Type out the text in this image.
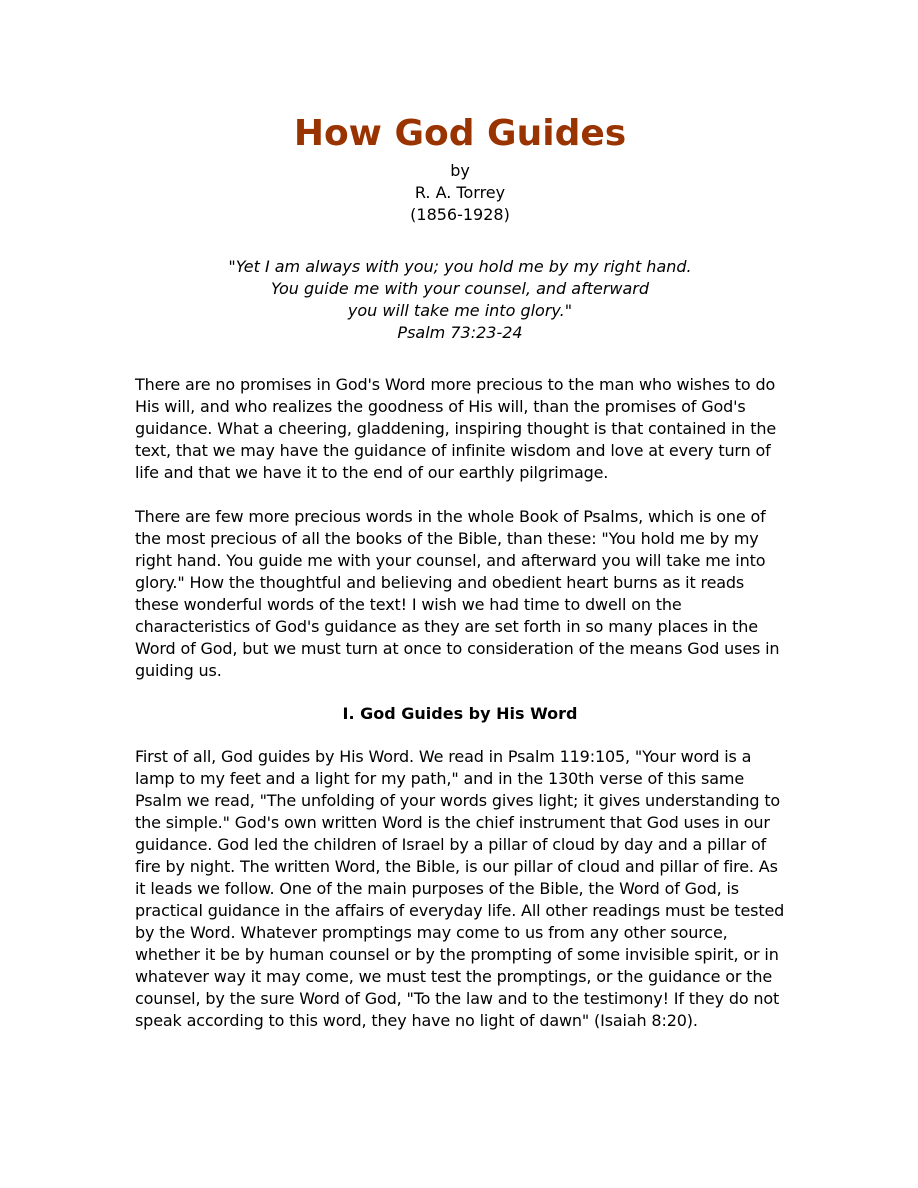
How God Guides
by
R. A. Torrey
(1856-1928)
"Yet I am always with you; you hold me by my right hand.
You guide me with your counsel, and afterward
you will take me into glory."
Psalm 73:23-24

There are no promises in God's Word more precious to the man who wishes to do His will, and who realizes the goodness of His will, than the promises of God's guidance. What a cheering, gladdening, inspiring thought is that contained in the text, that we may have the guidance of infinite wisdom and love at every turn of life and that we have it to the end of our earthly pilgrimage.

There are few more precious words in the whole Book of Psalms, which is one of the most precious of all the books of the Bible, than these: "You hold me by my right hand. You guide me with your counsel, and afterward you will take me into glory." How the thoughtful and believing and obedient heart burns as it reads these wonderful words of the text! I wish we had time to dwell on the characteristics of God's guidance as they are set forth in so many places in the Word of God, but we must turn at once to consideration of the means God uses in guiding us.

I. God Guides by His Word

First of all, God guides by His Word. We read in Psalm 119:105, "Your word is a lamp to my feet and a light for my path," and in the 130th verse of this same Psalm we read, "The unfolding of your words gives light; it gives understanding to the simple." God's own written Word is the chief instrument that God uses in our guidance. God led the children of Israel by a pillar of cloud by day and a pillar of fire by night. The written Word, the Bible, is our pillar of cloud and pillar of fire. As it leads we follow. One of the main purposes of the Bible, the Word of God, is practical guidance in the affairs of everyday life. All other readings must be tested by the Word. Whatever promptings may come to us from any other source, whether it be by human counsel or by the prompting of some invisible spirit, or in whatever way it may come, we must test the promptings, or the guidance or the counsel, by the sure Word of God, "To the law and to the testimony! If they do not speak according to this word, they have no light of dawn" (Isaiah 8:20).
